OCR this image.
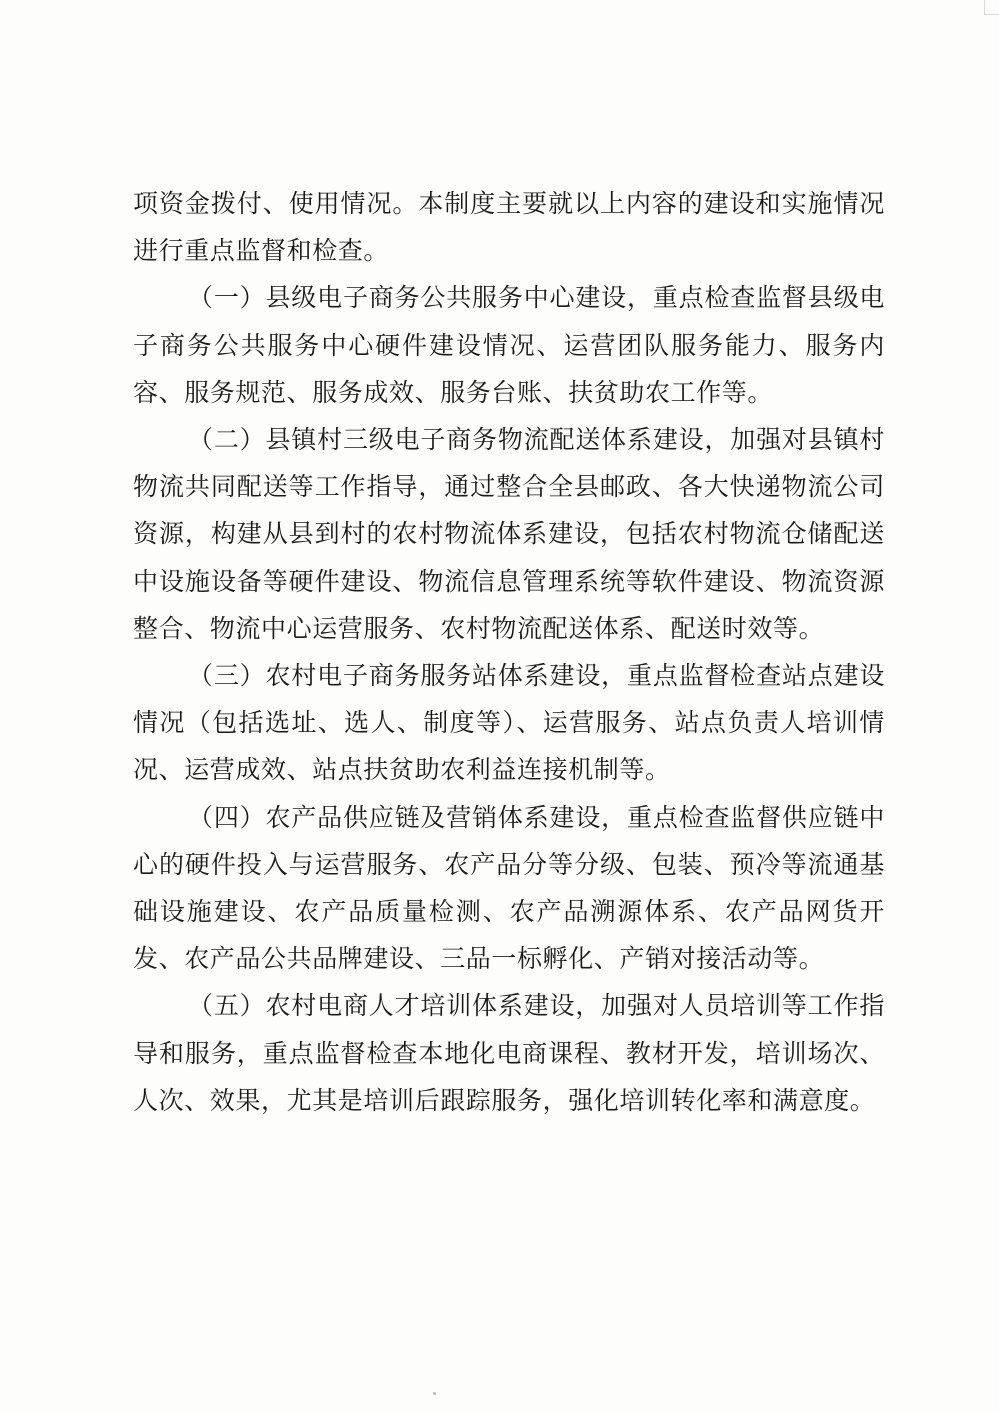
项资金拨付、使用情况。本制度主要就以上内容的建设和实施情况进行重点监督和检查。

（一）县级电子商务公共服务中心建设，重点检查监督县级电子商务公共服务中心硬件建设情况、运营团队服务能力、服务内容、服务规范、服务成效、服务台账、扶贫助农工作等。

（二）县镇村三级电子商务物流配送体系建设，加强对县镇村物流共同配送等工作指导，通过整合全县邮政、各大快递物流公司资源，构建从县到村的农村物流体系建设，包括农村物流仓储配送中设施设备等硬件建设、物流信息管理系统等软件建设、物流资源整合、物流中心运营服务、农村物流配送体系、配送时效等。

（三）农村电子商务服务站体系建设，重点监督检查站点建设情况（包括选址、选人、制度等）、运营服务、站点负责人培训情况、运营成效、站点扶贫助农利益连接机制等。

（四）农产品供应链及营销体系建设，重点检查监督供应链中心的硬件投入与运营服务、农产品分等分级、包装、预冷等流通基础设施建设、农产品质量检测、农产品溯源体系、农产品网货开发、农产品公共品牌建设、三品一标孵化、产销对接活动等。

（五）农村电商人才培训体系建设，加强对人员培训等工作指导和服务，重点监督检查本地化电商课程、教材开发，培训场次、人次、效果，尤其是培训后跟踪服务，强化培训转化率和满意度。
